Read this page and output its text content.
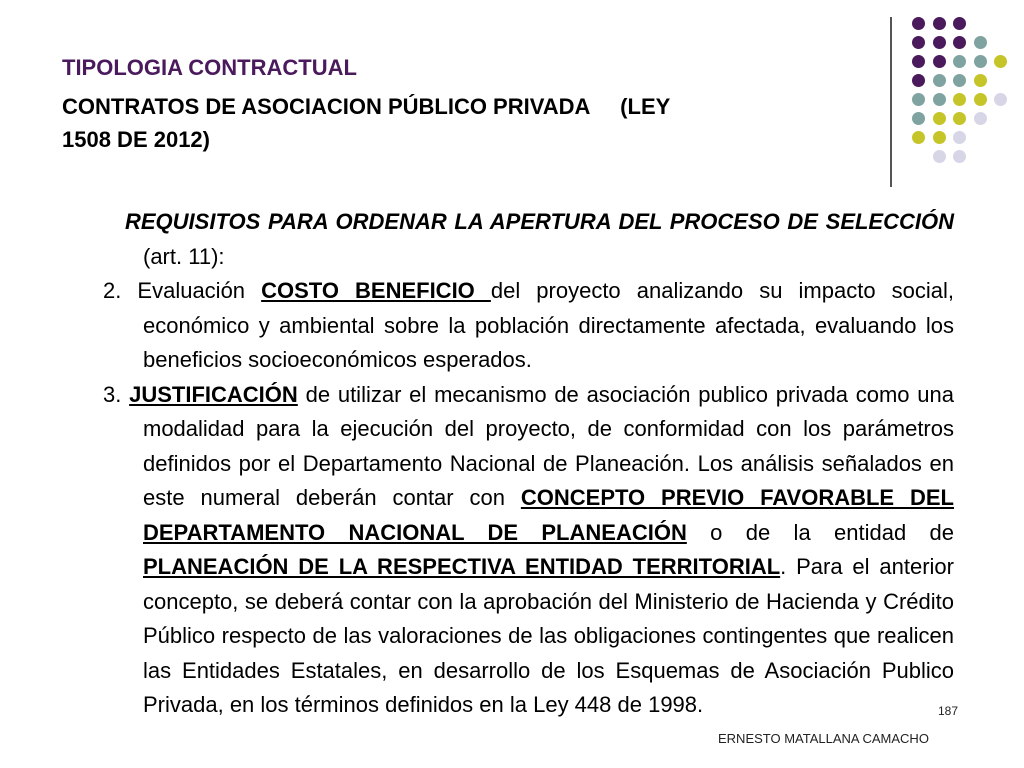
TIPOLOGIA CONTRACTUAL
CONTRATOS DE ASOCIACION PÚBLICO PRIVADA     (LEY
1508 DE 2012)

REQUISITOS PARA ORDENAR LA APERTURA DEL PROCESO DE SELECCIÓN (art. 11):

2. Evaluación COSTO BENEFICIO del proyecto analizando su impacto social, económico y ambiental sobre la población directamente afectada, evaluando los beneficios socioeconómicos esperados.

3. JUSTIFICACIÓN de utilizar el mecanismo de asociación publico privada como una modalidad para la ejecución del proyecto, de conformidad con los parámetros definidos por el Departamento Nacional de Planeación. Los análisis señalados en este numeral deberán contar con CONCEPTO PREVIO FAVORABLE DEL DEPARTAMENTO NACIONAL DE PLANEACIÓN o de la entidad de PLANEACIÓN DE LA RESPECTIVA ENTIDAD TERRITORIAL. Para el anterior concepto, se deberá contar con la aprobación del Ministerio de Hacienda y Crédito Público respecto de las valoraciones de las obligaciones contingentes que realicen las Entidades Estatales, en desarrollo de los Esquemas de Asociación Publico Privada, en los términos definidos en la Ley 448 de 1998.	187
ERNESTO MATALLANA CAMACHO
